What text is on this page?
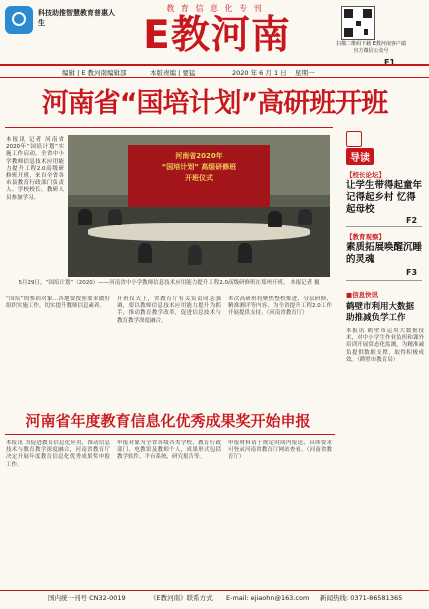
科技助推智慧教育普惠人生
教 育 信 息 化 专 刊
E教河南	扫描二维码下载 E教河南客户端 官方微信公众号
F1
编辑 | E 教河南编辑部	本版责编 | 要猛	2020 年 6 月 1 日 星期一
河南省“国培计划”高研班开班
本报讯 记者 河南省2020年“国培计划”实施工作启动，全省中小学教师信息技术应用能力提升工程2.0高级研修班开班，来自全省各市县教育行政部门负责人、学校校长、教研人员参加学习。
河南省2020年
“国培计划” 高级研修班
开班仪式
5月29日，“国培计划”（2020）——河南省中小学教师信息技术应用能力提升工程2.0高级研修班在郑州开班。 本报记者 摄
“国培”的参训对象...各地要按照要求做好组织实施工作，切实提升教师信息素养。
开班仪式上，省教育厅有关负责同志强调，要以教师信息技术应用能力提升为抓手，推动教育教学改革，促进信息技术与教育教学深度融合。
本次高研班将聚焦整校推进、分层研修、精准测评等内容，为全省提升工程2.0工作开展提供支持。（河南省教育厅）
导读
【校长论坛】
让学生带得起童年 记得起乡村 忆得起母校
F2
【教育观察】
素质拓展唤醒沉睡的灵魂
F3
■信息快讯
鹤壁市利用大数据助推减负学工作
本报讯 鹤壁市运用大数据技术，对中小学生作业负担和课外培训开展常态化监测，为精准减负提供数据支撑，取得积极成效。（鹤壁市教育局）
河南省年度教育信息化优秀成果奖开始申报
本报讯 为促进教育信息化应用，推动信息技术与教育教学深度融合，河南省教育厅决定开展年度教育信息化优秀成果奖申报工作。
申报对象为全省各级各类学校、教育行政部门、电教馆及教师个人，成果形式包括教学软件、平台系统、研究报告等。
申报材料请于规定时间内报送，具体要求可登录河南省教育厅网站查看。（河南省教育厅）
国内统一刊号 CN32-0019	《E教河南》联系方式 E-mail: ejiaohn@163.com 新闻热线: 0371-86581365
